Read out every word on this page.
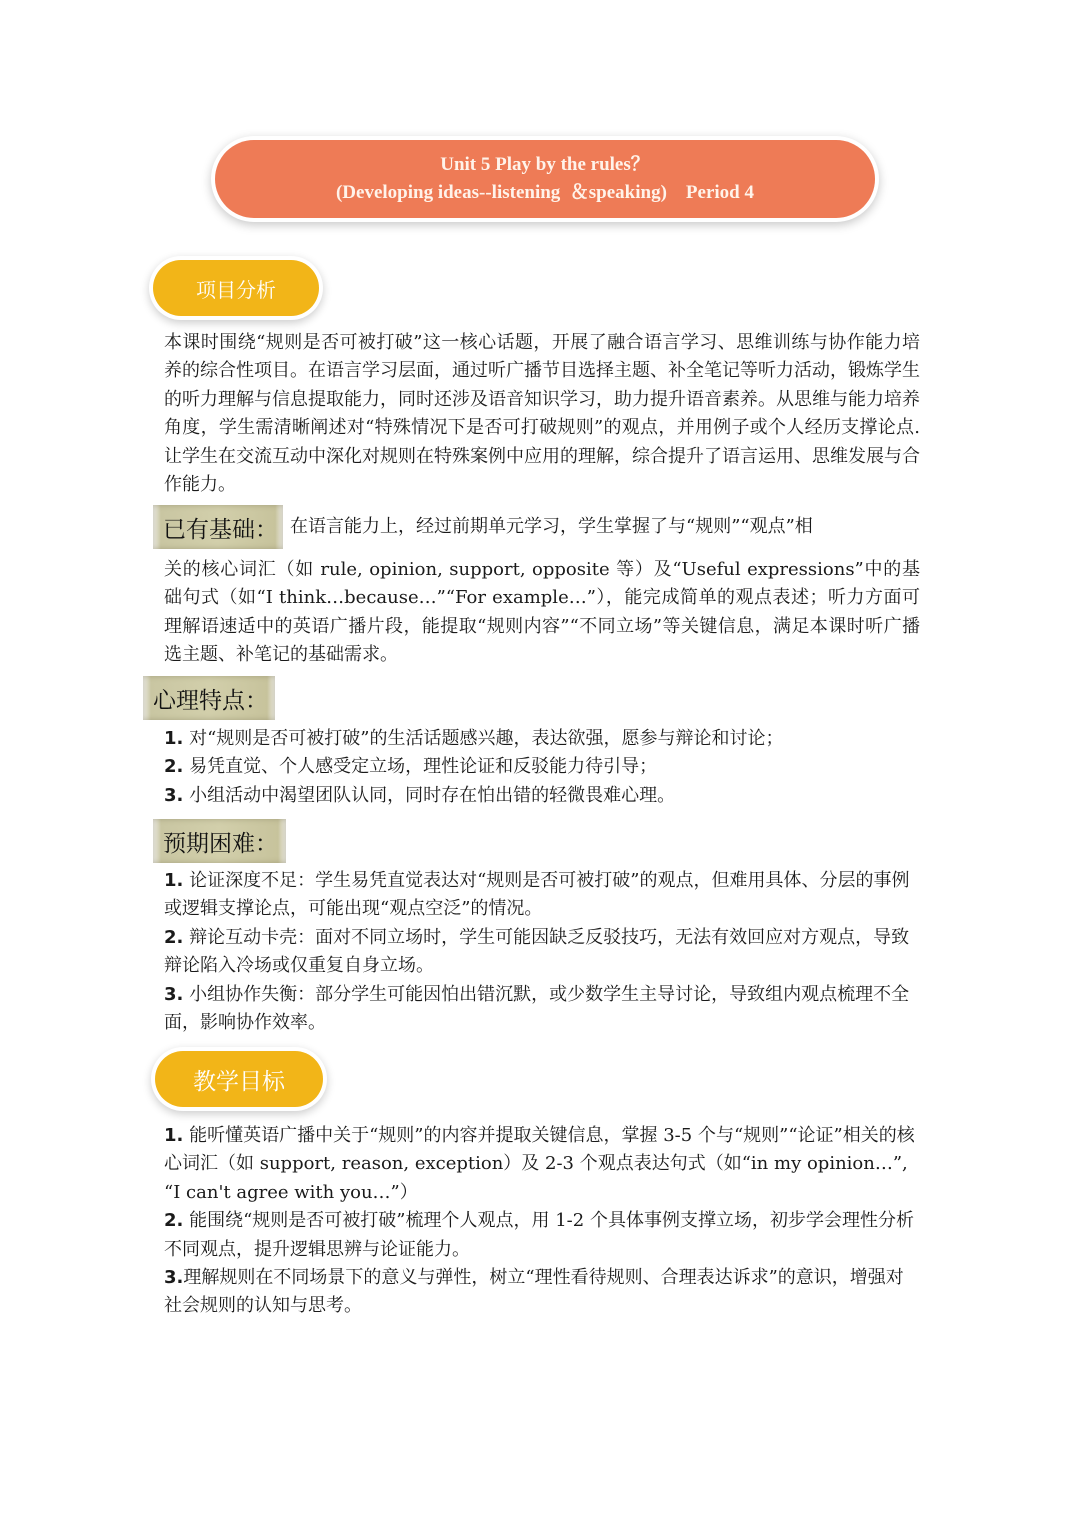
Unit 5 Play by the rules？
(Developing ideas--listening  ＆speaking)    Period 4
项目分析
本课时围绕“规则是否可被打破”这一核心话题，开展了融合语言学习、思维训练与协作能力培养的综合性项目。在语言学习层面，通过听广播节目选择主题、补全笔记等听力活动，锻炼学生的听力理解与信息提取能力，同时还涉及语音知识学习，助力提升语音素养。从思维与能力培养角度，学生需清晰阐述对“特殊情况下是否可打破规则”的观点，并用例子或个人经历支撑论点.让学生在交流互动中深化对规则在特殊案例中应用的理解，综合提升了语言运用、思维发展与合作能力。
已有基础： 在语言能力上，经过前期单元学习，学生掌握了与“规则”“观点”相
关的核心词汇（如 rule, opinion, support, opposite 等）及“Useful expressions”中的基础句式（如“I think…because…”“For example…”），能完成简单的观点表述；听力方面可理解语速适中的英语广播片段，能提取“规则内容”“不同立场”等关键信息，满足本课时听广播选主题、补笔记的基础需求。
心理特点：

1. 对“规则是否可被打破”的生活话题感兴趣，表达欲强，愿参与辩论和讨论；

2. 易凭直觉、个人感受定立场，理性论证和反驳能力待引导；

3. 小组活动中渴望团队认同，同时存在怕出错的轻微畏难心理。

预期困难：

1. 论证深度不足：学生易凭直觉表达对“规则是否可被打破”的观点，但难用具体、分层的事例或逻辑支撑论点，可能出现“观点空泛”的情况。

2. 辩论互动卡壳：面对不同立场时，学生可能因缺乏反驳技巧，无法有效回应对方观点，导致辩论陷入冷场或仅重复自身立场。

3. 小组协作失衡：部分学生可能因怕出错沉默，或少数学生主导讨论，导致组内观点梳理不全面，影响协作效率。

教学目标

1. 能听懂英语广播中关于“规则”的内容并提取关键信息，掌握 3-5 个与“规则”“论证”相关的核心词汇（如 support, reason, exception）及 2-3 个观点表达句式（如“in my opinion…”, “I can't agree with you…”）

2. 能围绕“规则是否可被打破”梳理个人观点，用 1-2 个具体事例支撑立场，初步学会理性分析不同观点，提升逻辑思辨与论证能力。

3.理解规则在不同场景下的意义与弹性，树立“理性看待规则、合理表达诉求”的意识，增强对社会规则的认知与思考。
